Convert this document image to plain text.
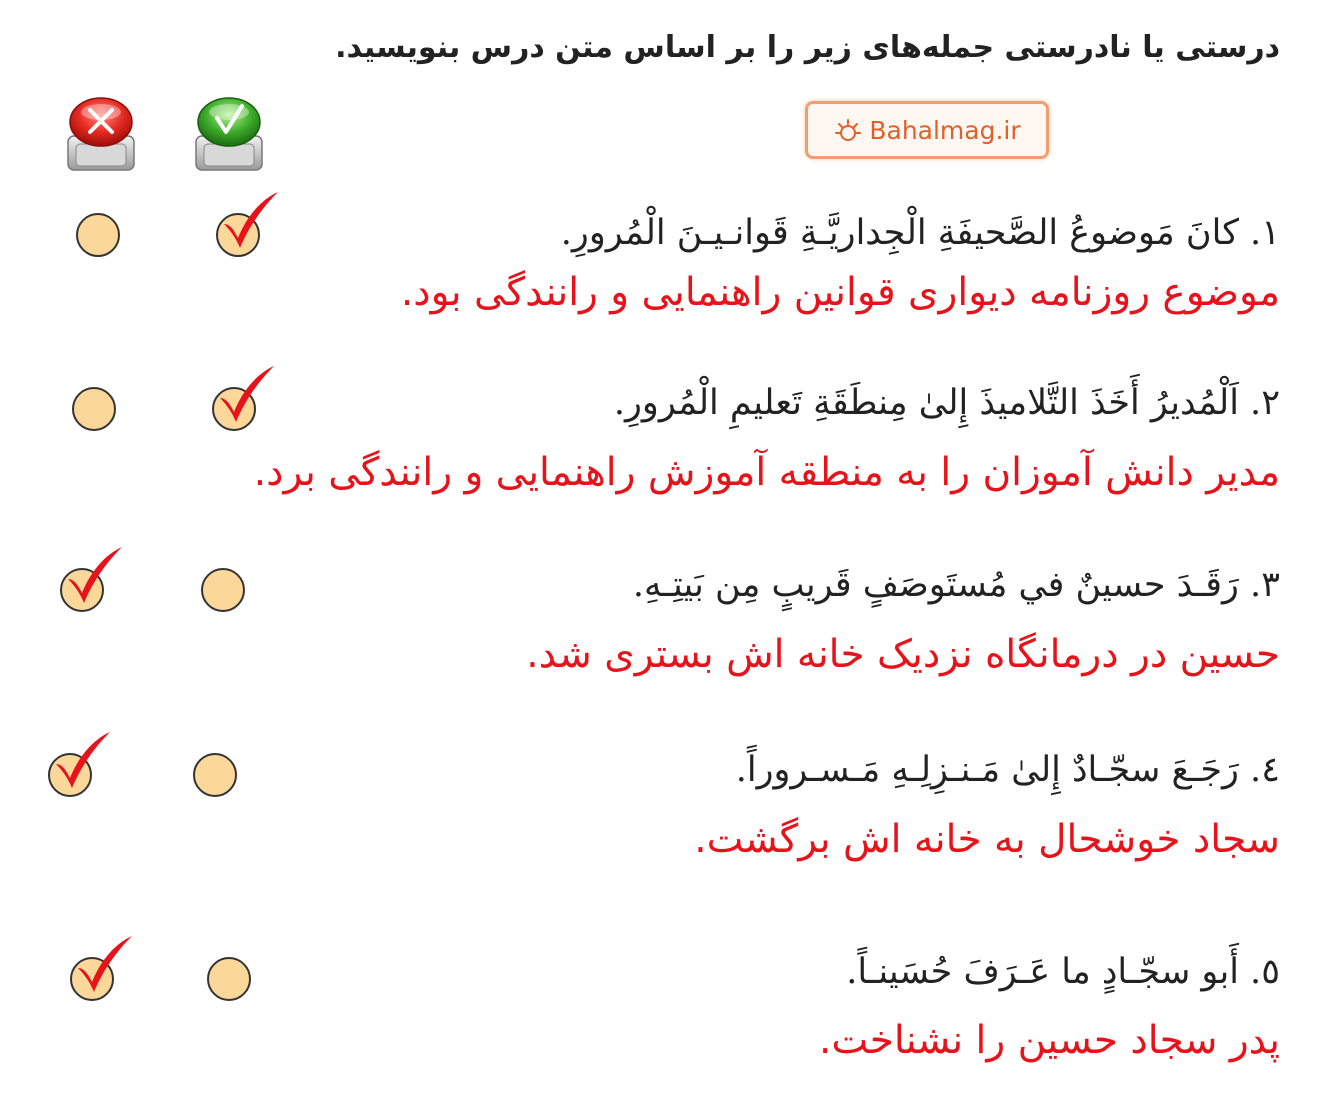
درستی یا نادرستی جمله‌های زیر را بر اساس متن درس بنویسید.
Bahalmag.ir
١. كانَ مَوضوعُ الصَّحيفَةِ الْجِداريَّـةِ قَوانـيـنَ الْمُرورِ.
موضوع روزنامه دیواری قوانین راهنمایی و رانندگی بود.
٢. اَلْمُديرُ أَخَذَ التَّلاميذَ إِلىٰ مِنطَقَةِ تَعليمِ الْمُرورِ.
مدیر دانش آموزان را به منطقه آموزش راهنمایی و رانندگی برد.
٣. رَقَـدَ حسينٌ في مُستَوصَفٍ قَريبٍ مِن بَيتِـهِ.
حسین در درمانگاه نزدیک خانه اش بستری شد.
٤. رَجَـعَ سجّـادٌ إِلىٰ مَـنـزِلِـهِ مَـسـروراً.
سجاد خوشحال به خانه اش برگشت.
٥. أَبو سجّـادٍ ما عَـرَفَ حُسَينـاً.
پدر سجاد حسین را نشناخت.
